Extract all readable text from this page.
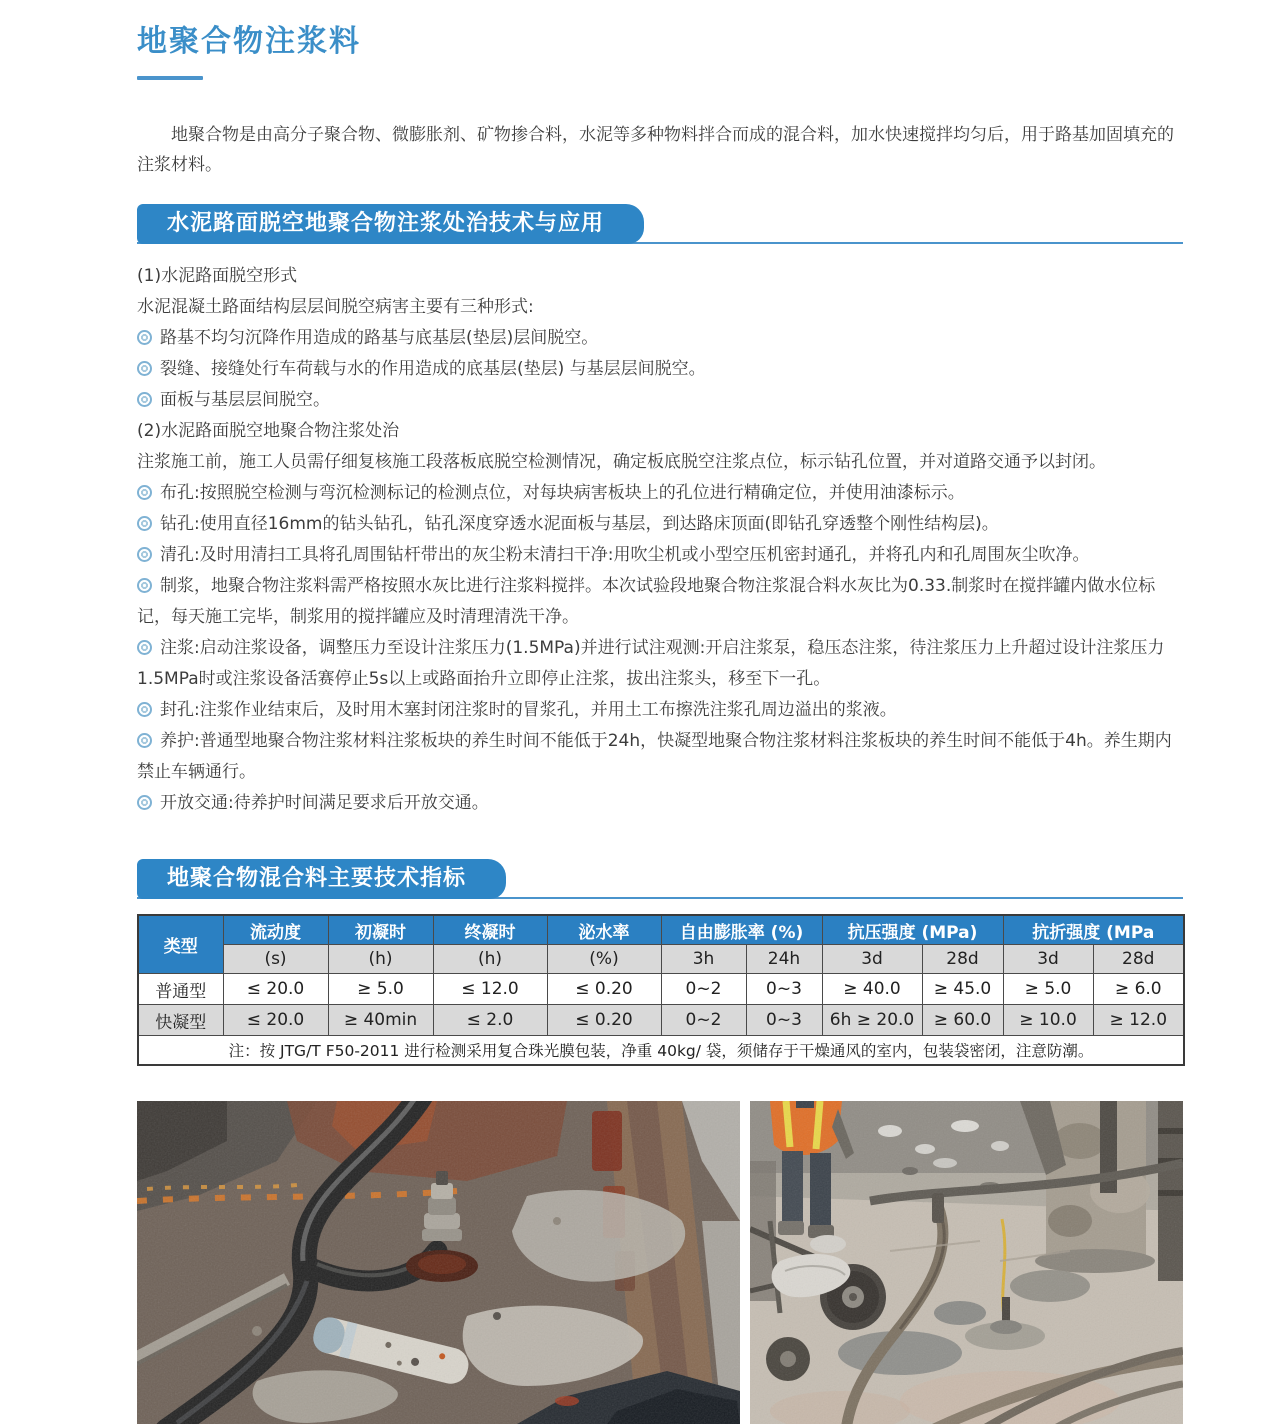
地聚合物注浆料

地聚合物是由高分子聚合物、微膨胀剂、矿物掺合料，水泥等多种物料拌合而成的混合料，加水快速搅拌均匀后，用于路基加固填充的注浆材料。

水泥路面脱空地聚合物注浆处治技术与应用

(1)水泥路面脱空形式

水泥混凝土路面结构层层间脱空病害主要有三种形式:

路基不均匀沉降作用造成的路基与底基层(垫层)层间脱空。

裂缝、接缝处行车荷载与水的作用造成的底基层(垫层) 与基层层间脱空。

面板与基层层间脱空。

(2)水泥路面脱空地聚合物注浆处治

注浆施工前，施工人员需仔细复核施工段落板底脱空检测情况，确定板底脱空注浆点位，标示钻孔位置，并对道路交通予以封闭。

布孔:按照脱空检测与弯沉检测标记的检测点位，对每块病害板块上的孔位进行精确定位，并使用油漆标示。

钻孔:使用直径16mm的钻头钻孔，钻孔深度穿透水泥面板与基层，到达路床顶面(即钻孔穿透整个刚性结构层)。

清孔:及时用清扫工具将孔周围钻杆带出的灰尘粉末清扫干净:用吹尘机或小型空压机密封通孔，并将孔内和孔周围灰尘吹净。

制浆，地聚合物注浆料需严格按照水灰比进行注浆料搅拌。本次试验段地聚合物注浆混合料水灰比为0.33.制浆时在搅拌罐内做水位标记，每天施工完毕，制浆用的搅拌罐应及时清理清洗干净。

注浆:启动注浆设备，调整压力至设计注浆压力(1.5MPa)并进行试注观测:开启注浆泵，稳压态注浆，待注浆压力上升超过设计注浆压力1.5MPa时或注浆设备活赛停止5s以上或路面抬升立即停止注浆，拔出注浆头，移至下一孔。

封孔:注浆作业结束后，及时用木塞封闭注浆时的冒浆孔，并用土工布擦洗注浆孔周边溢出的浆液。

养护:普通型地聚合物注浆材料注浆板块的养生时间不能低于24h，快凝型地聚合物注浆材料注浆板块的养生时间不能低于4h。养生期内禁止车辆通行。

开放交通:待养护时间满足要求后开放交通。

地聚合物混合料主要技术指标
类型	流动度	初凝时	终凝时	泌水率	自由膨胀率 (%)		抗压强度 (MPa)		抗折强度 (MPa	
	(s)	(h)	(h)	(%)	3h	24h	3d	28d	3d	28d
普通型	≤ 20.0	≥ 5.0	≤ 12.0	≤ 0.20	0~2	0~3	≥ 40.0	≥ 45.0	≥ 5.0	≥ 6.0
快凝型	≤ 20.0	≥ 40min	≤ 2.0	≤ 0.20	0~2	0~3	6h ≥ 20.0	≥ 60.0	≥ 10.0	≥ 12.0
注：按 JTG/T F50-2011 进行检测采用复合珠光膜包装，净重 40kg/ 袋，须储存于干燥通风的室内，包装袋密闭，注意防潮。										
